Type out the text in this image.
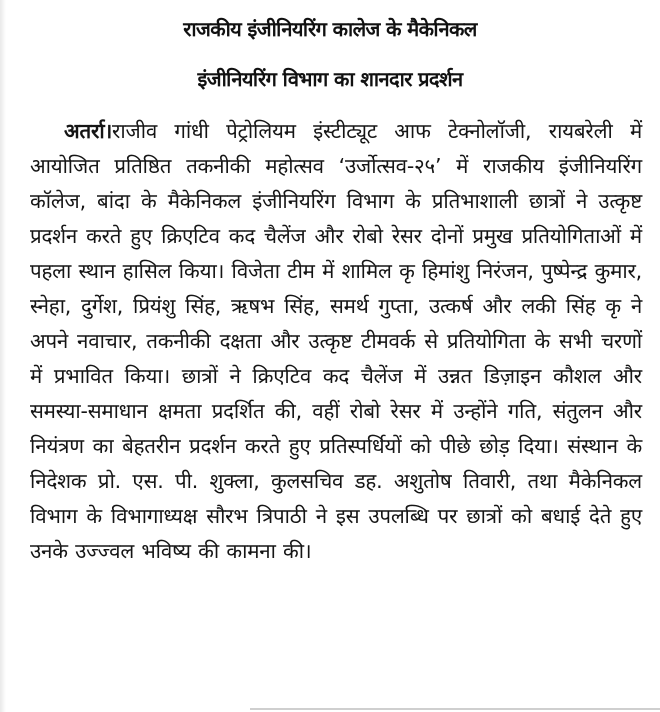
राजकीय इंजीनियरिंग कालेज के मैकेनिकल
इंजीनियरिंग विभाग का शानदार प्रदर्शन
अतर्रा।राजीव गांधी पेट्रोलियम इंस्टीट्यूट आफ टेक्नोलॉजी, रायबरेली में आयोजित प्रतिष्ठित तकनीकी महोत्सव ‘उर्जोत्सव-२५’ में राजकीय इंजीनियरिंग कॉलेज, बांदा के मैकेनिकल इंजीनियरिंग विभाग के प्रतिभाशाली छात्रों ने उत्कृष्ट प्रदर्शन करते हुए क्रिएटिव कद चैलेंज और रोबो रेसर दोनों प्रमुख प्रतियोगिताओं में पहला स्थान हासिल किया। विजेता टीम में शामिल कृ हिमांशु निरंजन, पुष्पेन्द्र कुमार, स्नेहा, दुर्गेश, प्रियंशु सिंह, ऋषभ सिंह, समर्थ गुप्ता, उत्कर्ष और लकी सिंह कृ ने अपने नवाचार, तकनीकी दक्षता और उत्कृष्ट टीमवर्क से प्रतियोगिता के सभी चरणों में प्रभावित किया। छात्रों ने क्रिएटिव कद चैलेंज में उन्नत डिज़ाइन कौशल और समस्या-समाधान क्षमता प्रदर्शित की, वहीं रोबो रेसर में उन्होंने गति, संतुलन और नियंत्रण का बेहतरीन प्रदर्शन करते हुए प्रतिस्पर्धियों को पीछे छोड़ दिया। संस्थान के निदेशक प्रो. एस. पी. शुक्ला, कुलसचिव डह. अशुतोष तिवारी, तथा मैकेनिकल विभाग के विभागाध्यक्ष सौरभ त्रिपाठी ने इस उपलब्धि पर छात्रों को बधाई देते हुए उनके उज्ज्वल भविष्य की कामना की।
